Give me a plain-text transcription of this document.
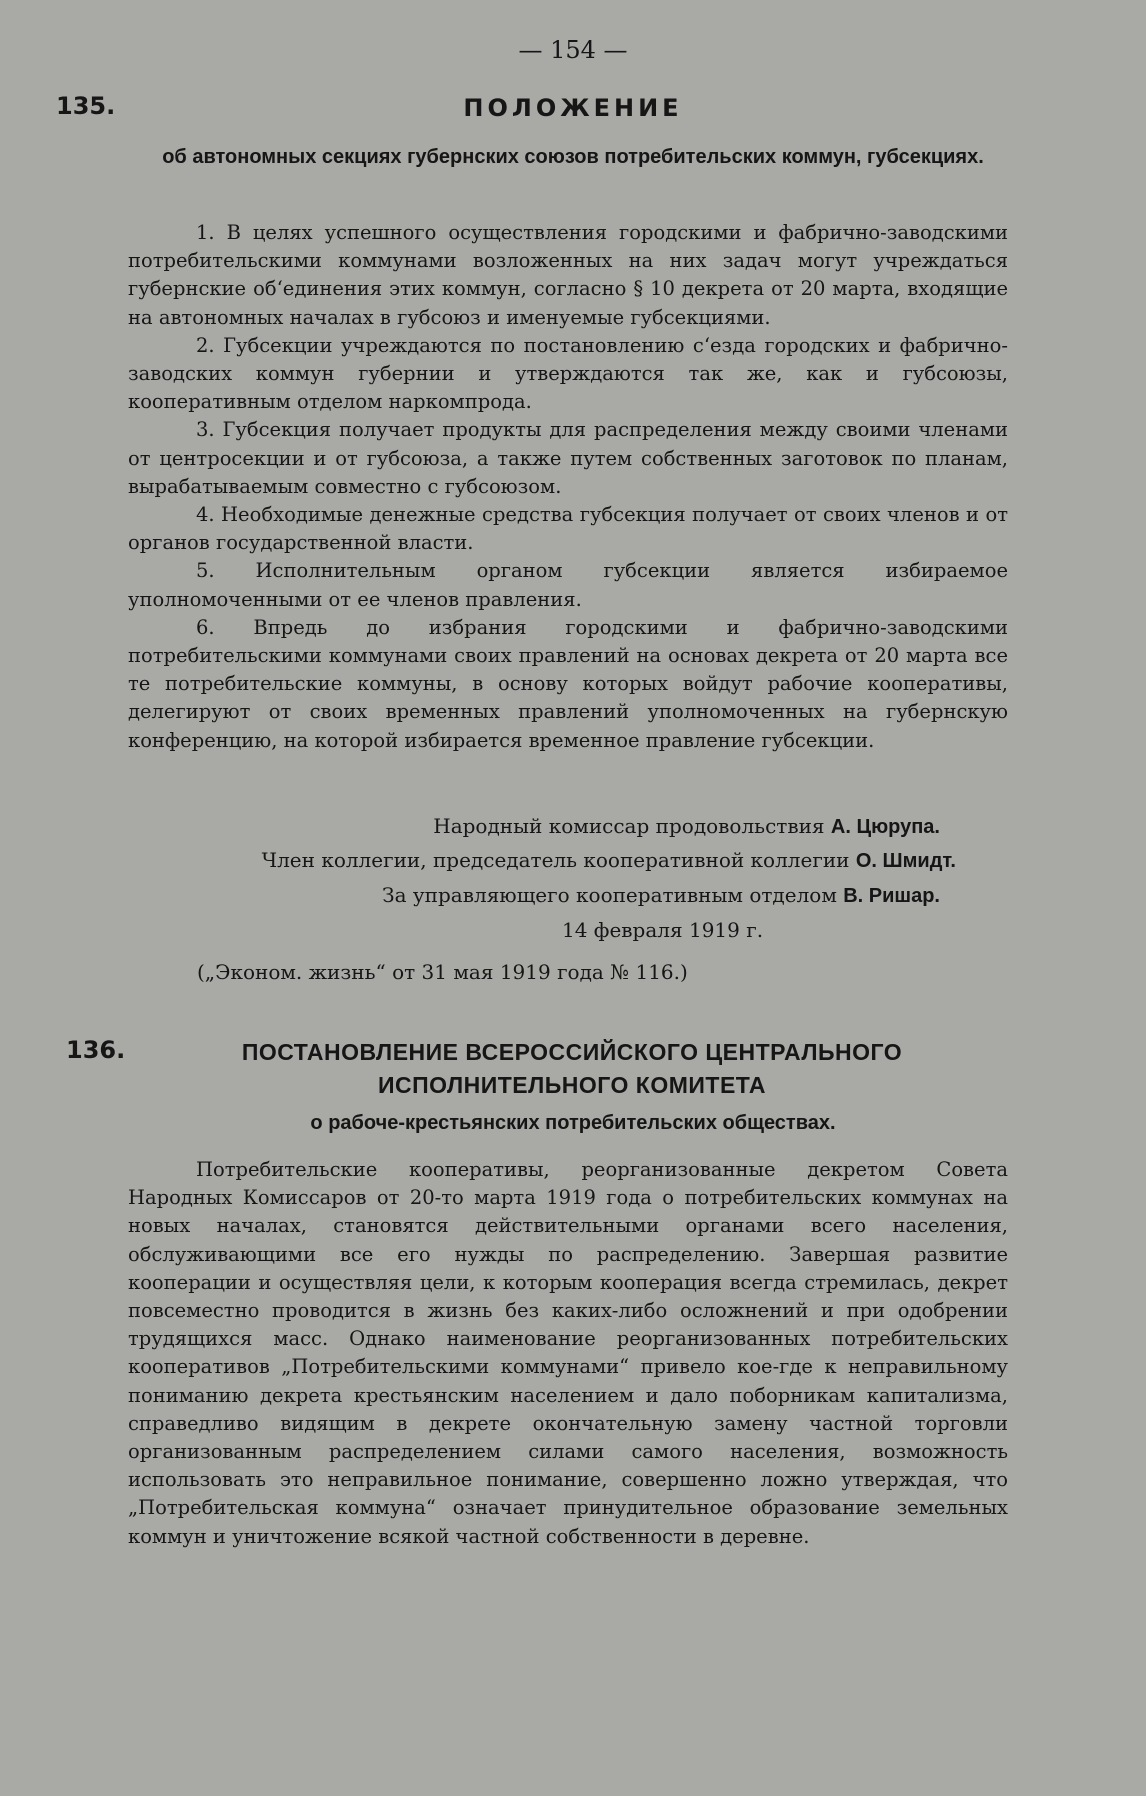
— 154 —
135.	ПОЛОЖЕНИЕ
об автономных секциях губернских союзов потребительских коммун, губсекциях.

1. В целях успешного осуществления городскими и фабрично-заводскими потребительскими коммунами возложенных на них задач могут учреждаться губернские об‘единения этих коммун, согласно § 10 декрета от 20 марта, входящие на автономных началах в губсоюз и именуемые губсекциями.

2. Губсекции учреждаются по постановлению с‘езда городских и фабрично-заводских коммун губернии и утверждаются так же, как и губсоюзы, кооперативным отделом наркомпрода.

3. Губсекция получает продукты для распределения между своими членами от центросекции и от губсоюза, а также путем собственных заготовок по планам, вырабатываемым совместно с губсоюзом.

4. Необходимые денежные средства губсекция получает от своих членов и от органов государственной власти.

5. Исполнительным органом губсекции является избираемое уполномоченными от ее членов правления.

6. Впредь до избрания городскими и фабрично-заводскими потребительскими коммунами своих правлений на основах декрета от 20 марта все те потребительские коммуны, в основу которых войдут рабочие кооперативы, делегируют от своих временных правлений уполномоченных на губернскую конференцию, на которой избирается временное правление губсекции.

Народный комиссар продовольствия А. Цюрупа.
Член коллегии, председатель кооперативной коллегии О. Шмидт.
За управляющего кооперативным отделом В. Ришар.
14 февраля 1919 г.
(„Эконом. жизнь“ от 31 мая 1919 года № 116.)
136.	ПОСТАНОВЛЕНИЕ ВСЕРОССИЙСКОГО ЦЕНТРАЛЬНОГО ИСПОЛНИТЕЛЬНОГО КОМИТЕТА
о рабоче-крестьянских потребительских обществах.

Потребительские кооперативы, реорганизованные декретом Совета Народных Комиссаров от 20-то марта 1919 года о потребительских коммунах на новых началах, становятся действительными органами всего населения, обслуживающими все его нужды по распределению. Завершая развитие кооперации и осуществляя цели, к которым кооперация всегда стремилась, декрет повсеместно проводится в жизнь без каких-либо осложнений и при одобрении трудящихся масс. Однако наименование реорганизованных потребительских кооперативов „Потребительскими коммунами“ привело кое-где к неправильному пониманию декрета крестьянским населением и дало поборникам капитализма, справедливо видящим в декрете окончательную замену частной торговли организованным распределением силами самого населения, возможность использовать это неправильное понимание, совершенно ложно утверждая, что „Потребительская коммуна“ означает принудительное образование земельных коммун и уничтожение всякой частной собственности в деревне.
